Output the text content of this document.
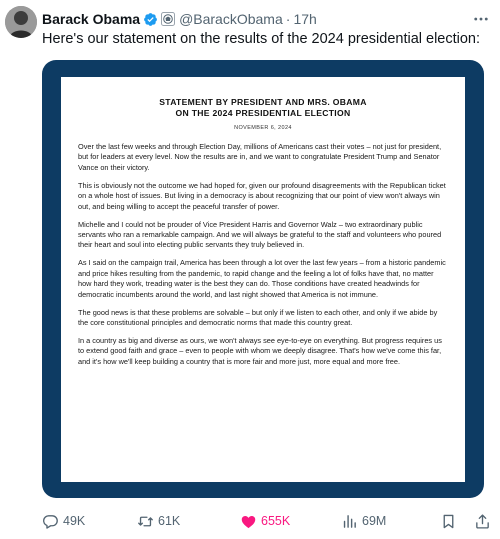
Barack Obama	@BarackObama · 17h
Here's our statement on the results of the 2024 presidential election:
STATEMENT BY PRESIDENT AND MRS. OBAMA
ON THE 2024 PRESIDENTIAL ELECTION
NOVEMBER 6, 2024

Over the last few weeks and through Election Day, millions of Americans cast their votes – not just for president, but for leaders at every level. Now the results are in, and we want to congratulate President Trump and Senator Vance on their victory.

This is obviously not the outcome we had hoped for, given our profound disagreements with the Republican ticket on a whole host of issues. But living in a democracy is about recognizing that our point of view won't always win out, and being willing to accept the peaceful transfer of power.

Michelle and I could not be prouder of Vice President Harris and Governor Walz – two extraordinary public servants who ran a remarkable campaign. And we will always be grateful to the staff and volunteers who poured their heart and soul into electing public servants they truly believed in.

As I said on the campaign trail, America has been through a lot over the last few years – from a historic pandemic and price hikes resulting from the pandemic, to rapid change and the feeling a lot of folks have that, no matter how hard they work, treading water is the best they can do. Those conditions have created headwinds for democratic incumbents around the world, and last night showed that America is not immune.

The good news is that these problems are solvable – but only if we listen to each other, and only if we abide by the core constitutional principles and democratic norms that made this country great.

In a country as big and diverse as ours, we won't always see eye-to-eye on everything. But progress requires us to extend good faith and grace – even to people with whom we deeply disagree. That's how we've come this far, and it's how we'll keep building a country that is more fair and more just, more equal and more free.

49K	61K	655K	69M
